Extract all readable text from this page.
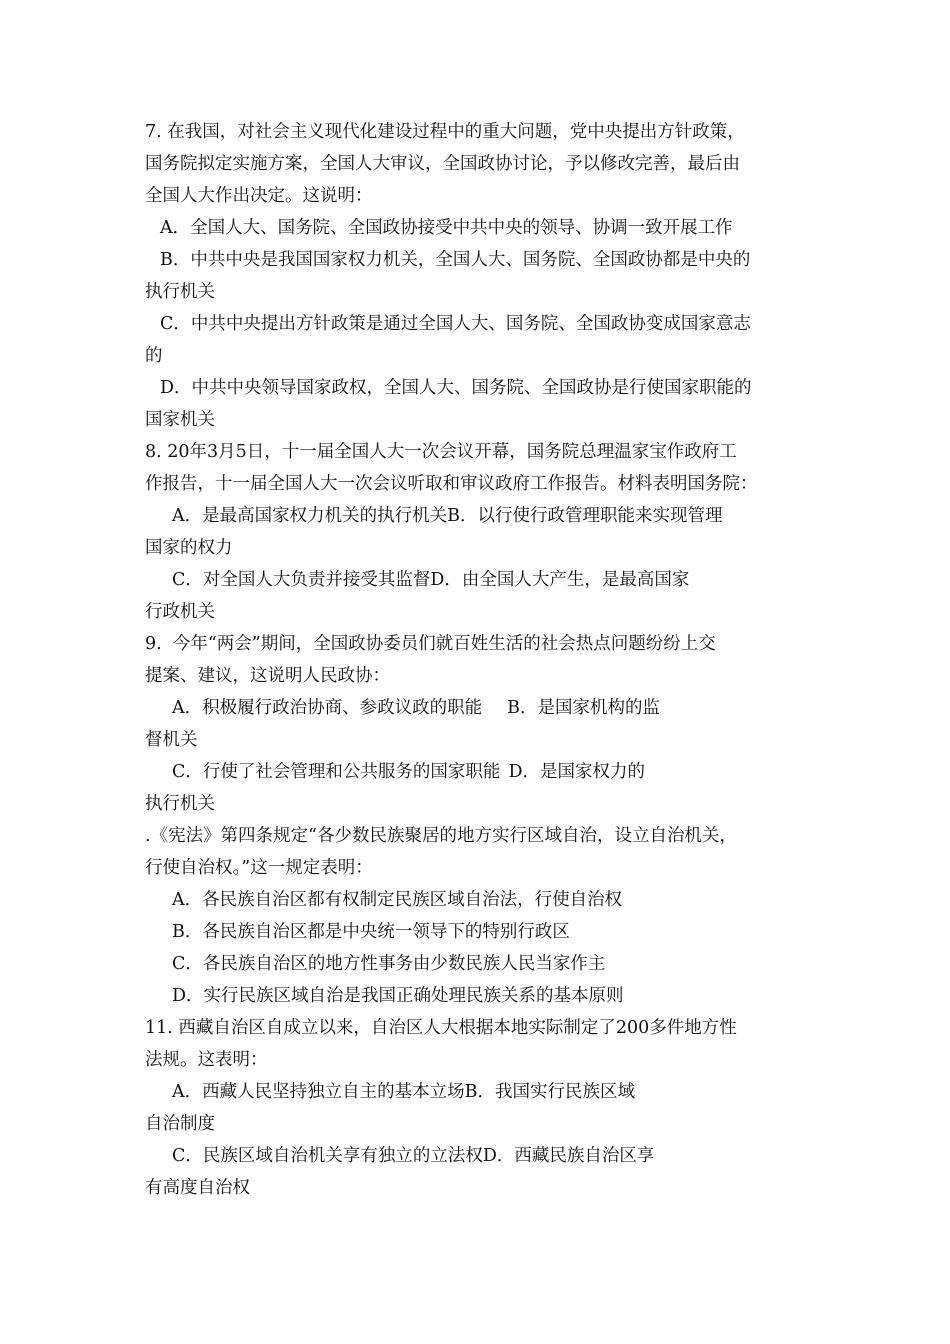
7. 在我国，对社会主义现代化建设过程中的重大问题，党中央提出方针政策，

国务院拟定实施方案，全国人大审议，全国政协讨论，予以修改完善，最后由

全国人大作出决定。这说明：

A．全国人大、国务院、全国政协接受中共中央的领导、协调一致开展工作

B．中共中央是我国国家权力机关，全国人大、国务院、全国政协都是中央的

执行机关

C．中共中央提出方针政策是通过全国人大、国务院、全国政协变成国家意志

的

D．中共中央领导国家政权，全国人大、国务院、全国政协是行使国家职能的

国家机关

8. 20年3月5日，十一届全国人大一次会议开幕，国务院总理温家宝作政府工

作报告，十一届全国人大一次会议听取和审议政府工作报告。材料表明国务院：

A．是最高国家权力机关的执行机关 B．以行使行政管理职能来实现管理

国家的权力

C．对全国人大负责并接受其监督 D．由全国人大产生，是最高国家

行政机关

9.  今年“两会”期间，全国政协委员们就百姓生活的社会热点问题纷纷上交

提案、建议，这说明人民政协：

A．积极履行政治协商、参政议政的职能 B．是国家机构的监

督机关

C．行使了社会管理和公共服务的国家职能 D．是国家权力的

执行机关

.《宪法》第四条规定“各少数民族聚居的地方实行区域自治，设立自治机关，

行使自治权。”这一规定表明：

A．各民族自治区都有权制定民族区域自治法，行使自治权

B．各民族自治区都是中央统一领导下的特别行政区

C．各民族自治区的地方性事务由少数民族人民当家作主

D．实行民族区域自治是我国正确处理民族关系的基本原则

11. 西藏自治区自成立以来，自治区人大根据本地实际制定了200多件地方性

法规。这表明：

A．西藏人民坚持独立自主的基本立场 B．我国实行民族区域

自治制度

C．民族区域自治机关享有独立的立法权 D．西藏民族自治区享

有高度自治权
